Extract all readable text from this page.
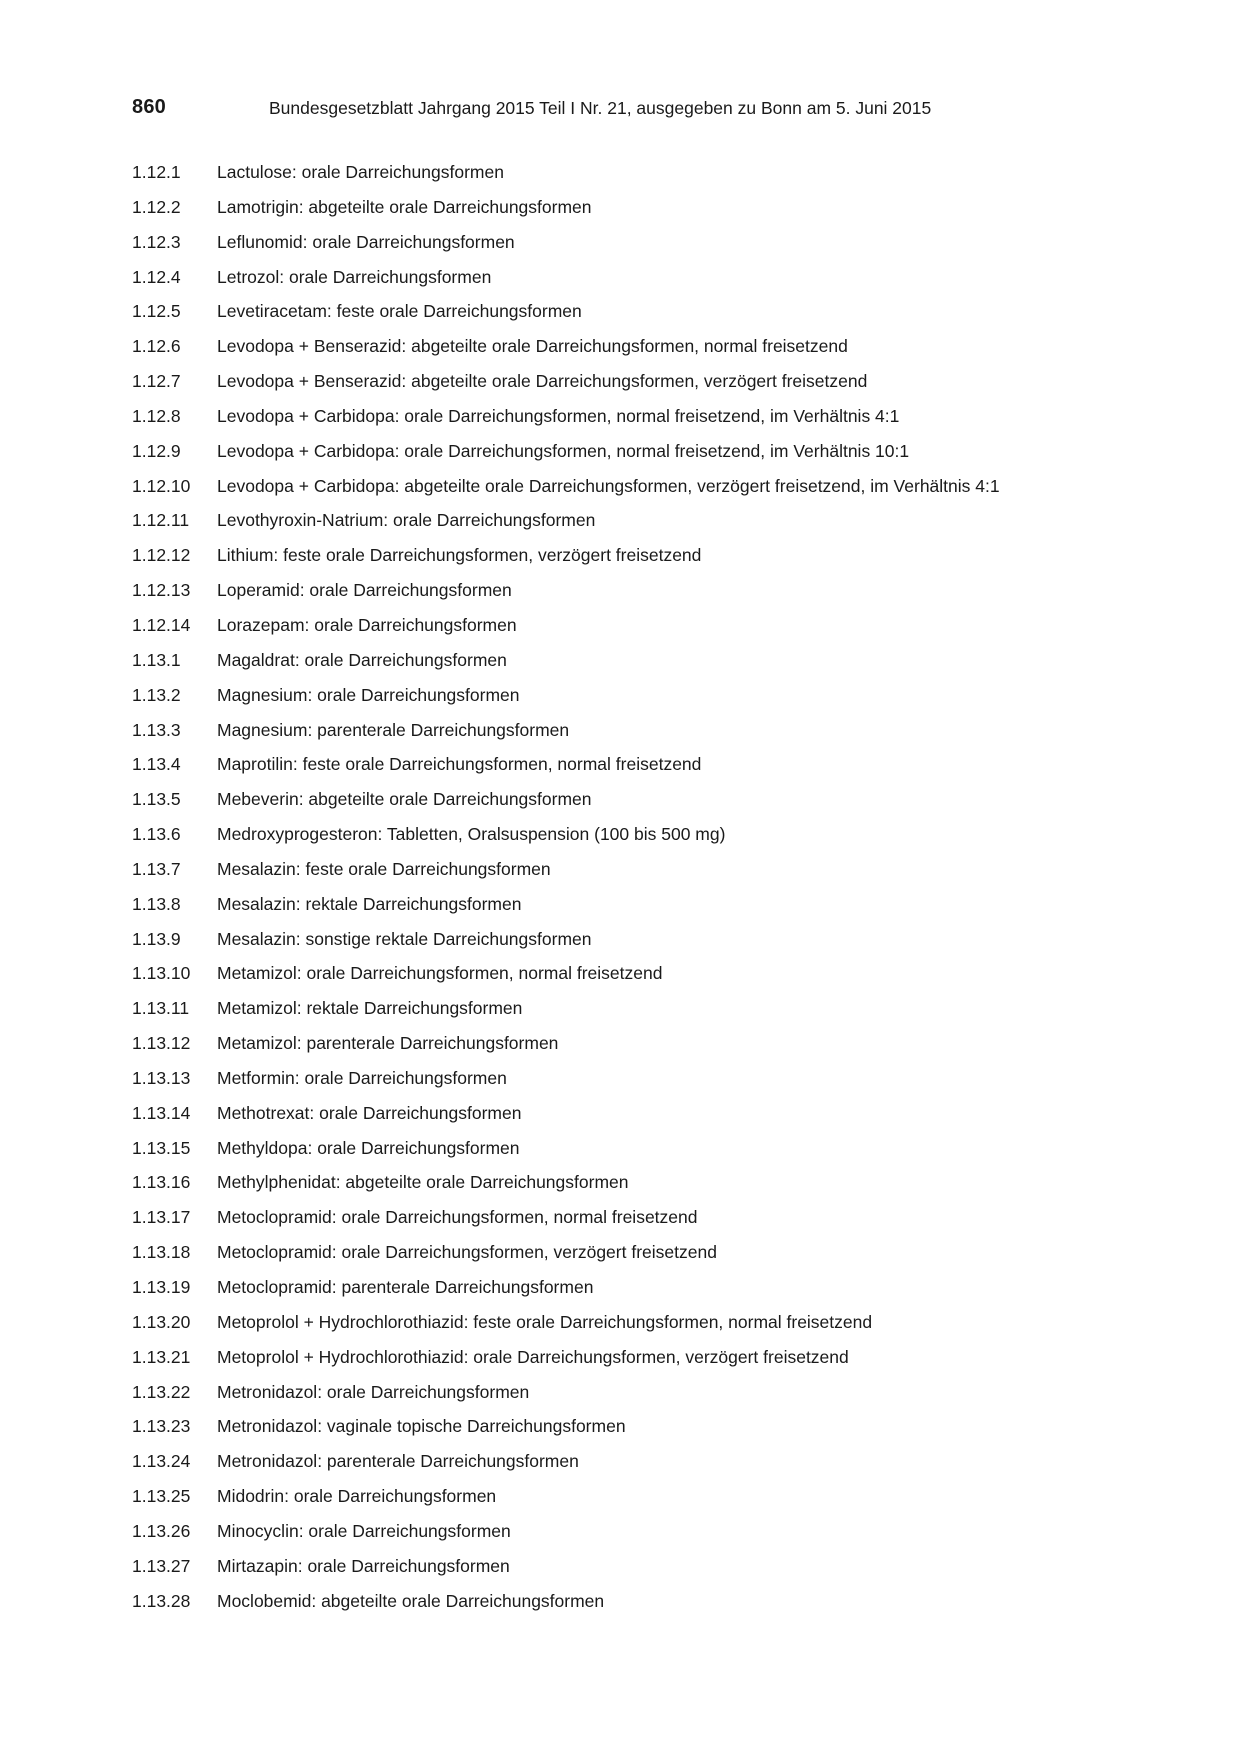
860	Bundesgesetzblatt Jahrgang 2015 Teil I Nr. 21, ausgegeben zu Bonn am 5. Juni 2015
1.12.1 Lactulose: orale Darreichungsformen
1.12.2 Lamotrigin: abgeteilte orale Darreichungsformen
1.12.3 Leflunomid: orale Darreichungsformen
1.12.4 Letrozol: orale Darreichungsformen
1.12.5 Levetiracetam: feste orale Darreichungsformen
1.12.6 Levodopa + Benserazid: abgeteilte orale Darreichungsformen, normal freisetzend
1.12.7 Levodopa + Benserazid: abgeteilte orale Darreichungsformen, verzögert freisetzend
1.12.8 Levodopa + Carbidopa: orale Darreichungsformen, normal freisetzend, im Verhältnis 4:1
1.12.9 Levodopa + Carbidopa: orale Darreichungsformen, normal freisetzend, im Verhältnis 10:1
1.12.10 Levodopa + Carbidopa: abgeteilte orale Darreichungsformen, verzögert freisetzend, im Verhältnis 4:1
1.12.11 Levothyroxin-Natrium: orale Darreichungsformen
1.12.12 Lithium: feste orale Darreichungsformen, verzögert freisetzend
1.12.13 Loperamid: orale Darreichungsformen
1.12.14 Lorazepam: orale Darreichungsformen
1.13.1 Magaldrat: orale Darreichungsformen
1.13.2 Magnesium: orale Darreichungsformen
1.13.3 Magnesium: parenterale Darreichungsformen
1.13.4 Maprotilin: feste orale Darreichungsformen, normal freisetzend
1.13.5 Mebeverin: abgeteilte orale Darreichungsformen
1.13.6 Medroxyprogesteron: Tabletten, Oralsuspension (100 bis 500 mg)
1.13.7 Mesalazin: feste orale Darreichungsformen
1.13.8 Mesalazin: rektale Darreichungsformen
1.13.9 Mesalazin: sonstige rektale Darreichungsformen
1.13.10 Metamizol: orale Darreichungsformen, normal freisetzend
1.13.11 Metamizol: rektale Darreichungsformen
1.13.12 Metamizol: parenterale Darreichungsformen
1.13.13 Metformin: orale Darreichungsformen
1.13.14 Methotrexat: orale Darreichungsformen
1.13.15 Methyldopa: orale Darreichungsformen
1.13.16 Methylphenidat: abgeteilte orale Darreichungsformen
1.13.17 Metoclopramid: orale Darreichungsformen, normal freisetzend
1.13.18 Metoclopramid: orale Darreichungsformen, verzögert freisetzend
1.13.19 Metoclopramid: parenterale Darreichungsformen
1.13.20 Metoprolol + Hydrochlorothiazid: feste orale Darreichungsformen, normal freisetzend
1.13.21 Metoprolol + Hydrochlorothiazid: orale Darreichungsformen, verzögert freisetzend
1.13.22 Metronidazol: orale Darreichungsformen
1.13.23 Metronidazol: vaginale topische Darreichungsformen
1.13.24 Metronidazol: parenterale Darreichungsformen
1.13.25 Midodrin: orale Darreichungsformen
1.13.26 Minocyclin: orale Darreichungsformen
1.13.27 Mirtazapin: orale Darreichungsformen
1.13.28 Moclobemid: abgeteilte orale Darreichungsformen
